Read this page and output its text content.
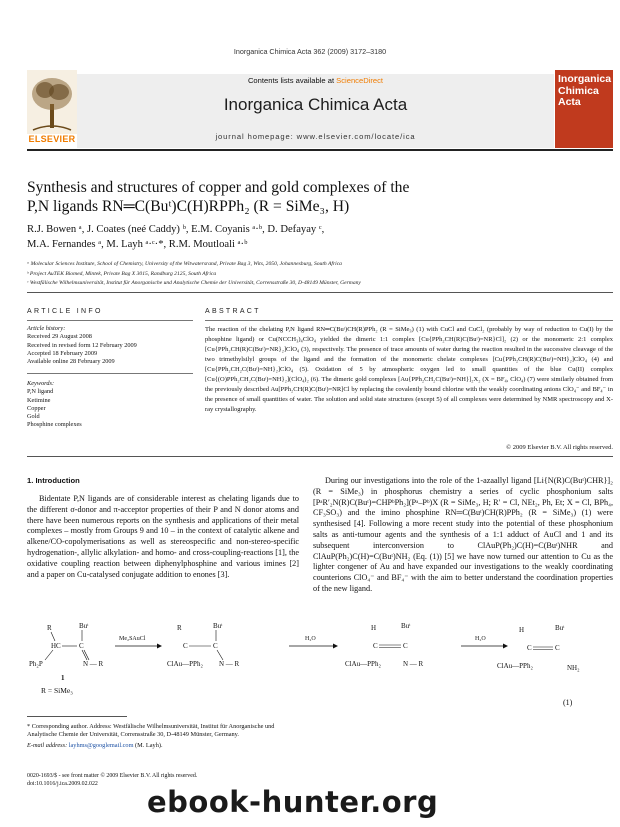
Inorganica Chimica Acta 362 (2009) 3172–3180
Contents lists available at ScienceDirect
Inorganica Chimica Acta
journal homepage: www.elsevier.com/locate/ica
ELSEVIER
Inorganica
Chimica Acta
Synthesis and structures of copper and gold complexes of the
P,N ligands RN═C(Buᵗ)C(H)RPPh₂ (R = SiMe₃, H)
R.J. Bowen ᵃ, J. Coates (neé Caddy) ᵇ, E.M. Coyanis ᵃ·ᵇ, D. Defayay ᶜ,
M.A. Fernandes ᵃ, M. Layh ᵃ·ᶜ·*, R.M. Moutloali ᵃ·ᵇ
ᵃ Molecular Sciences Institute, School of Chemistry, University of the Witwatersrand, Private Bag 3, Wits, 2050, Johannesburg, South Africa
ᵇ Project AuTEK Biomed, Mintek, Private Bag X 3015, Randburg 2125, South Africa
ᶜ Westfälische Wilhelmsuniversität, Institut für Anorganische und Analytische Chemie der Universität, Corrensstraße 30, D-48149 Münster, Germany
ARTICLE INFO
Article history:
Received 29 August 2008
Received in revised form 12 February 2009
Accepted 18 February 2009
Available online 28 February 2009
Keywords:
P,N ligand
Ketimine
Copper
Gold
Phosphine complexes
ABSTRACT
The reaction of the chelating P,N ligand RN═C(Buᵗ)CH(R)PPh₂ (R = SiMe₃) (1) with CuCl and CuCl₂ (probably by way of reduction to Cu(I) by the phosphine ligand) or Cu(NCCH₃)₄ClO₄ yielded the dimeric 1:1 complex [Cu{PPh₂CH(R)C(Buᵗ)=NR}Cl]₂ (2) or the monomeric 2:1 complex [Cu{PPh₂CH(R)C(Buᵗ)=NR}₂]ClO₄ (3), respectively. The presence of trace amounts of water during the reaction resulted in the successive cleavage of the two trimethylsilyl groups of the ligand and the formation of the monomeric chelate complexes [Cu{PPh₂CH(R)C(Buᵗ)=NH}₂]ClO₄ (4) and [Cu{PPh₂CH₂C(Buᵗ)=NH}₂]ClO₄ (5). Oxidation of 5 by atmospheric oxygen led to small quantities of the blue Cu(II) complex [Cu{(O)PPh₂CH₂C(Buᵗ)=NH}₂](ClO₄)₂ (6). The dimeric gold complexes [Au{PPh₂CH₂C(Buᵗ)=NH}]₂X₂ (X = BF₄, ClO₄) (7) were similarly obtained from the previously described Au[PPh₂CH(R)C(Buᵗ)=NR]Cl by replacing the covalently bound chlorine with the weakly coordinating anions ClO₄⁻ and BF₄⁻ in the presence of small quantities of water. The solution and solid state structures (except 5) of all complexes were determined by NMR spectroscopy and X-ray crystallography.
© 2009 Elsevier B.V. All rights reserved.
1. Introduction
Bidentate P,N ligands are of considerable interest as chelating ligands due to the different σ-donor and π-acceptor properties of their P and N donor atoms and there have been numerous reports on the synthesis and applications of their metal complexes – mostly from Groups 9 and 10 – in the context of catalytic alkene and alkene/CO-copolymerisations as well as stereospecific and non-stereo-specific hydrogenation-, allylic alkylation- and homo- and cross-coupling-reactions [1], the oxidative coupling reaction between diphenylphosphine and various imines [2] and a paper on Cu-catalysed conjugate addition to enones [3].
During our investigations into the role of the 1-azaallyl ligand [Li{N(R)C(Buᵗ)CHR}]₂ (R = SiMe₃) in phosphorus chemistry a series of cyclic phosphonium salts [PᵃR′₂N(R)C(Buᵗ)=CHPᵇPh₂](Pᵃ–Pᵇ)X (R = SiMe₃, H; R′ = Cl, NEt₂, Ph, Et; X = Cl, BPh₄, CF₃SO₃) and the imino phosphine RN═C(Buᵗ)CH(R)PPh₂ (R = SiMe₃) (1) were synthesised [4]. Following a more recent study into the potential of these phosphonium salts as anti-tumour agents and the synthesis of a 1:1 adduct of AuCl and 1 and its subsequent interconversion to ClAuP(Ph₂)C(H)=C(Buᵗ)NHR and ClAuP(Ph₂)C(H)=C(Buᵗ)NH₂ (Eq. (1)) [5] we have now turned our attention to Cu as the lighter congener of Au and have expanded our investigations to the weakly coordinating counterions ClO₄⁻ and BF₄⁻ with the aim to better understand the coordination properties of the new ligand.
R	Buᵗ
HC	C
Ph₂P	N — R
1
Me₂SAuCl
R	Buᵗ
C	C
ClAu—PPh₂ N — R
H₂O
H	Buᵗ
C	C
ClAu—PPh₂	N — R
H₂O
H	Buᵗ
C	C
ClAu—PPh₂	NH₂
R = SiMe₃
(1)
* Corresponding author. Address: Westfälische Wilhelmsuniversität, Institut für Anorganische und Analytische Chemie der Universität, Corrensstraße 30, D-48149 Münster, Germany.
E-mail address: layhms@googlemail.com (M. Layh).
0020-1693/$ - see front matter © 2009 Elsevier B.V. All rights reserved.
doi:10.1016/j.ica.2009.02.022
ebook-hunter.org
